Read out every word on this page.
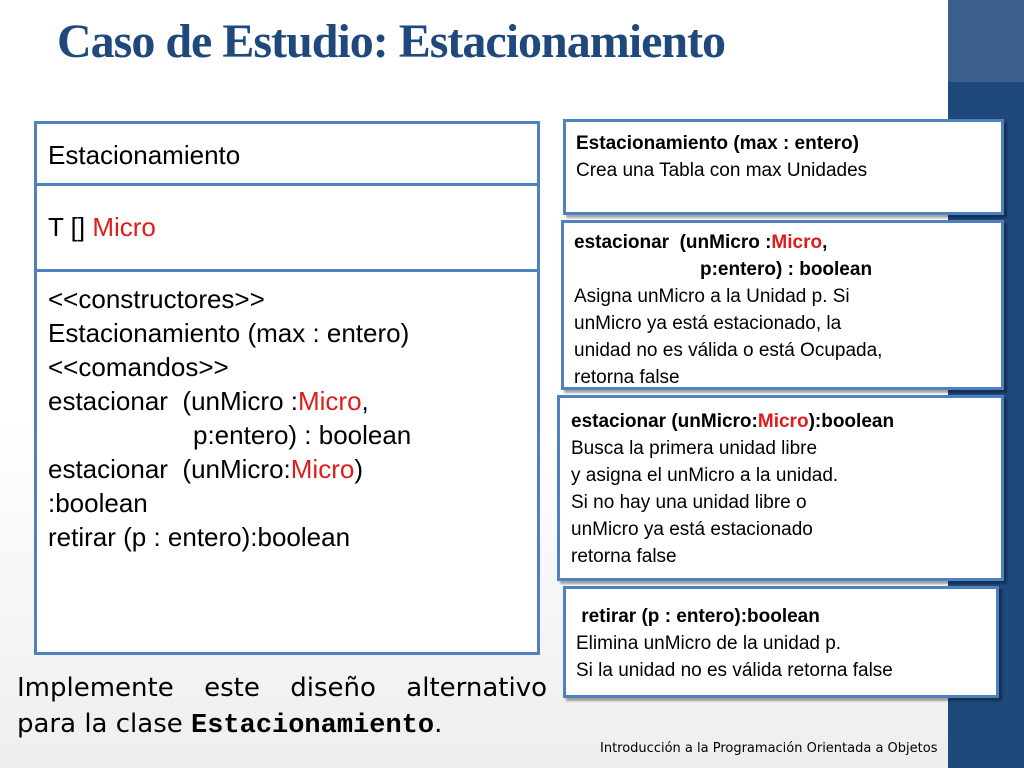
Caso de Estudio: Estacionamiento
Estacionamiento
T [] Micro
<<constructores>>
Estacionamiento (max : entero)
<<comandos>>
estacionar  (unMicro :Micro,
p:entero) : boolean
estacionar  (unMicro:Micro)
:boolean
retirar (p : entero):boolean
Estacionamiento (max : entero)
Crea una Tabla con max Unidades
estacionar  (unMicro :Micro,
p:entero) : boolean
Asigna unMicro a la Unidad p. Si
unMicro ya está estacionado, la
unidad no es válida o está Ocupada,
retorna false
estacionar (unMicro:Micro):boolean
Busca la primera unidad libre
y asigna el unMicro a la unidad.
Si no hay una unidad libre o
unMicro ya está estacionado
retorna false
retirar (p : entero):boolean
Elimina unMicro de la unidad p.
Si la unidad no es válida retorna false
Implemente este diseño alternativo
para la clase Estacionamiento.
Introducción a la Programación Orientada a Objetos
